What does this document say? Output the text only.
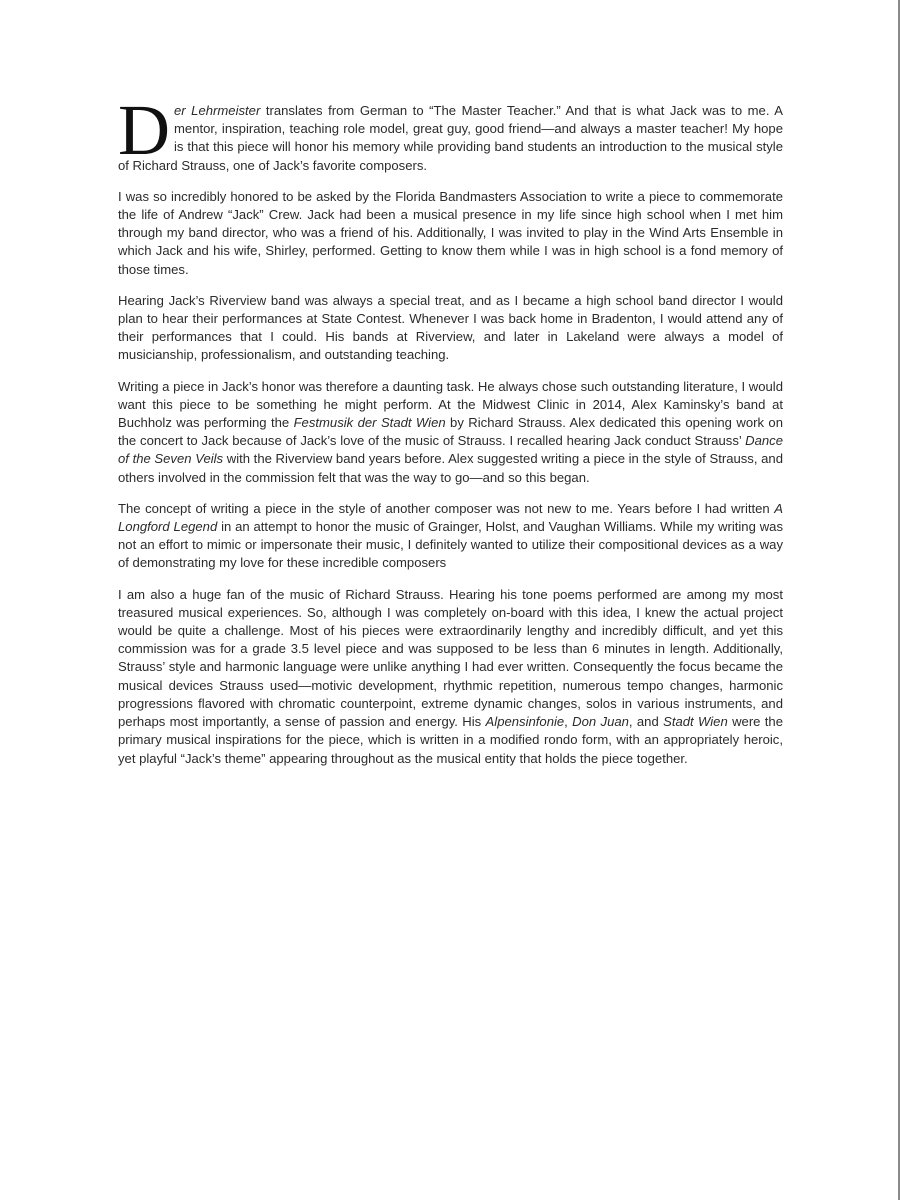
Der Lehrmeister translates from German to “The Master Teacher.” And that is what Jack was to me. A mentor, inspiration, teaching role model, great guy, good friend—and always a master teacher! My hope is that this piece will honor his memory while providing band students an introduction to the musical style of Richard Strauss, one of Jack’s favorite composers.

I was so incredibly honored to be asked by the Florida Bandmasters Association to write a piece to commemorate the life of Andrew “Jack” Crew. Jack had been a musical presence in my life since high school when I met him through my band director, who was a friend of his. Additionally, I was invited to play in the Wind Arts Ensemble in which Jack and his wife, Shirley, performed. Getting to know them while I was in high school is a fond memory of those times.

Hearing Jack’s Riverview band was always a special treat, and as I became a high school band director I would plan to hear their performances at State Contest. Whenever I was back home in Bradenton, I would attend any of their performances that I could. His bands at Riverview, and later in Lakeland were always a model of musicianship, professionalism, and outstanding teaching.

Writing a piece in Jack’s honor was therefore a daunting task. He always chose such outstanding literature, I would want this piece to be something he might perform. At the Midwest Clinic in 2014, Alex Kaminsky’s band at Buchholz was performing the Festmusik der Stadt Wien by Richard Strauss. Alex dedicated this opening work on the concert to Jack because of Jack’s love of the music of Strauss. I recalled hearing Jack conduct Strauss’ Dance of the Seven Veils with the Riverview band years before. Alex suggested writing a piece in the style of Strauss, and others involved in the commission felt that was the way to go—and so this began.

The concept of writing a piece in the style of another composer was not new to me. Years before I had written A Longford Legend in an attempt to honor the music of Grainger, Holst, and Vaughan Williams. While my writing was not an effort to mimic or impersonate their music, I definitely wanted to utilize their compositional devices as a way of demonstrating my love for these incredible composers

I am also a huge fan of the music of Richard Strauss. Hearing his tone poems performed are among my most treasured musical experiences. So, although I was completely on-board with this idea, I knew the actual project would be quite a challenge. Most of his pieces were extraordinarily lengthy and incredibly difficult, and yet this commission was for a grade 3.5 level piece and was supposed to be less than 6 minutes in length. Additionally, Strauss’ style and harmonic language were unlike anything I had ever written. Consequently the focus became the musical devices Strauss used—motivic development, rhythmic repetition, numerous tempo changes, harmonic progressions flavored with chromatic counterpoint, extreme dynamic changes, solos in various instruments, and perhaps most importantly, a sense of passion and energy. His Alpensinfonie, Don Juan, and Stadt Wien were the primary musical inspirations for the piece, which is written in a modified rondo form, with an appropriately heroic, yet playful “Jack’s theme” appearing throughout as the musical entity that holds the piece together.
